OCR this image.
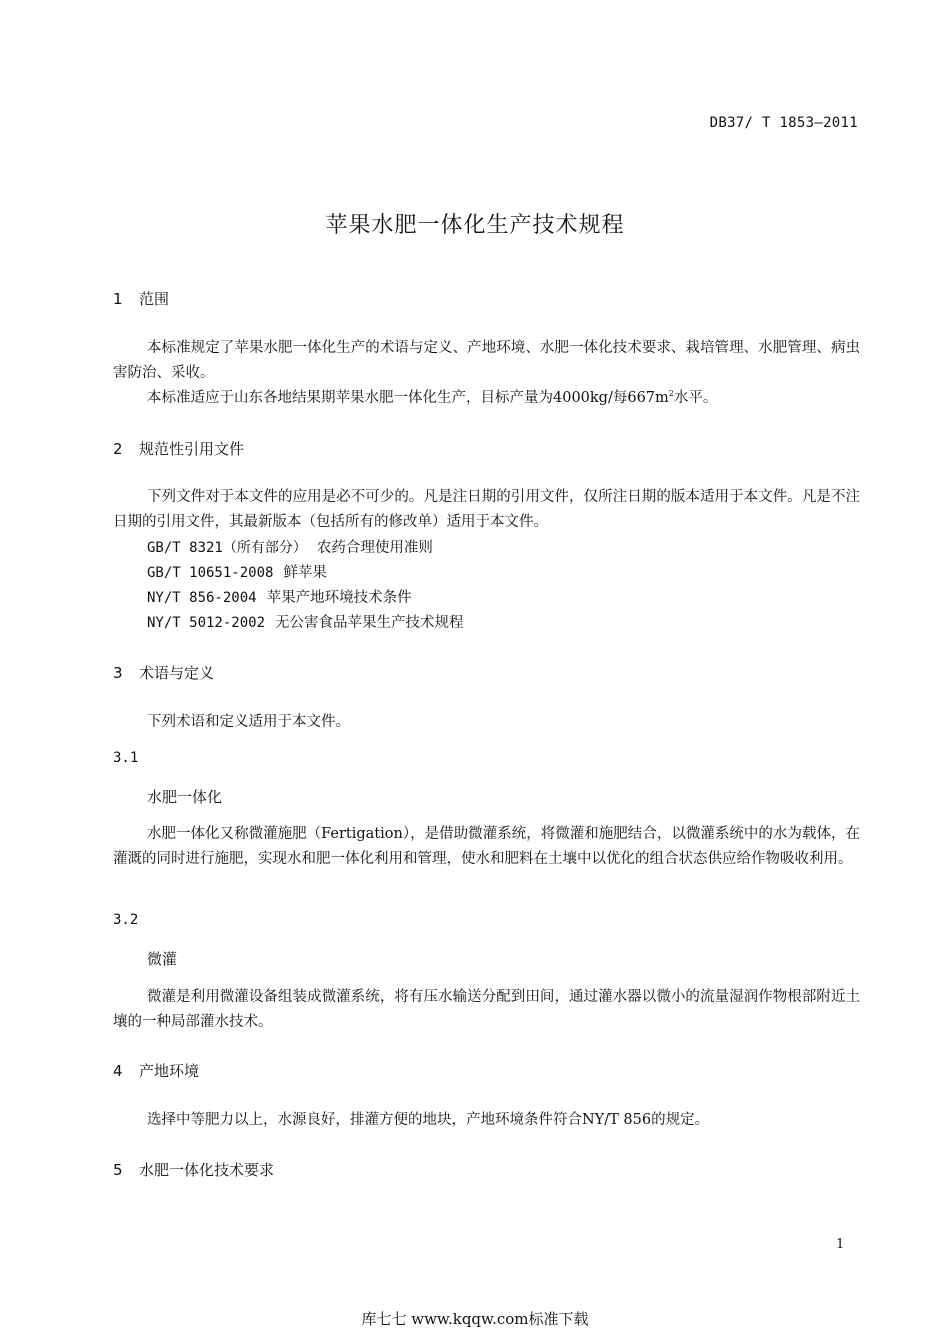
DB37/ T 1853—2011
苹果水肥一体化生产技术规程
1 范围

本标准规定了苹果水肥一体化生产的术语与定义、产地环境、水肥一体化技术要求、栽培管理、水肥管理、病虫害防治、采收。

本标准适应于山东各地结果期苹果水肥一体化生产，目标产量为4000kg/每$667m^2$水平。

2 规范性引用文件

下列文件对于本文件的应用是必不可少的。凡是注日期的引用文件，仅所注日期的版本适用于本文件。凡是不注日期的引用文件，其最新版本（包括所有的修改单）适用于本文件。

GB/T 8321（所有部分） 农药合理使用准则
GB/T 10651-2008 鲜苹果
NY/T 856-2004 苹果产地环境技术条件
NY/T 5012-2002 无公害食品苹果生产技术规程
3 术语与定义

下列术语和定义适用于本文件。

3.1
水肥一体化

水肥一体化又称微灌施肥（Fertigation），是借助微灌系统，将微灌和施肥结合，以微灌系统中的水为载体，在灌溉的同时进行施肥，实现水和肥一体化利用和管理，使水和肥料在土壤中以优化的组合状态供应给作物吸收利用。

3.2
微灌

微灌是利用微灌设备组装成微灌系统，将有压水输送分配到田间，通过灌水器以微小的流量湿润作物根部附近土壤的一种局部灌水技术。

4 产地环境

选择中等肥力以上，水源良好，排灌方便的地块，产地环境条件符合NY/T 856的规定。

5 水肥一体化技术要求
1
库七七 www.kqqw.com标准下载
